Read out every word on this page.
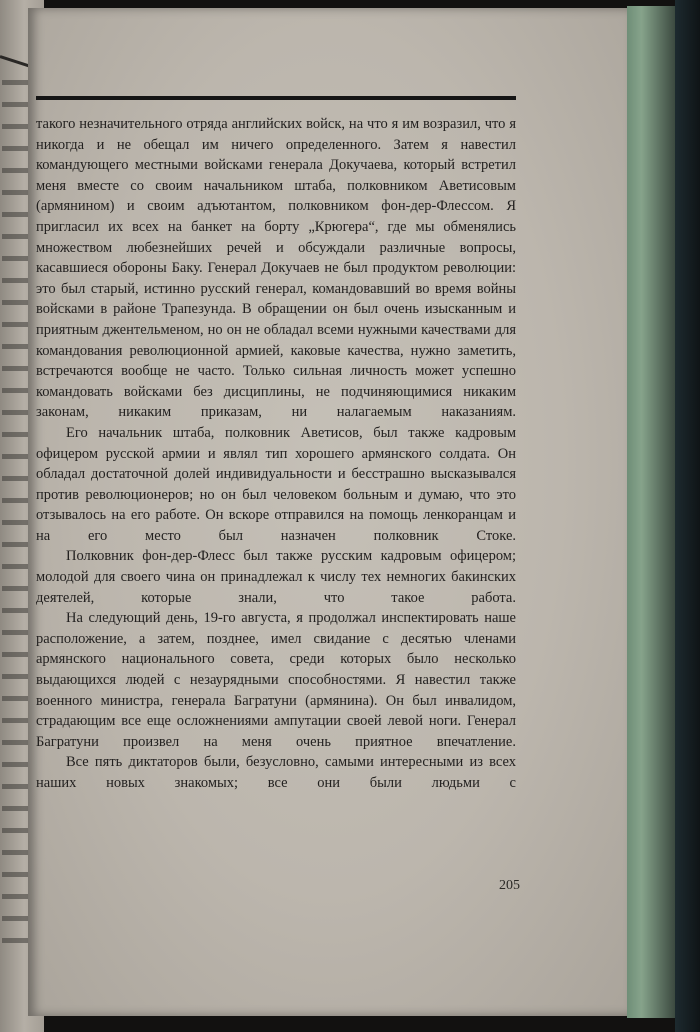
такого незначительного отряда английских войск, на что я им возразил, что я никогда и не обещал им ничего определенного. Затем я навестил командующего местными войсками генерала Докучаева, который встретил меня вместе со своим начальником штаба, полковником Аветисовым (армянином) и своим адъютантом, полковником фон-дер-Флессом. Я пригласил их всех на банкет на борту „Крюгера“, где мы обменялись множеством любезнейших речей и обсуждали различные вопросы, касавшиеся обороны Баку. Генерал Докучаев не был продуктом революции: это был старый, истинно русский генерал, командовавший во время войны войсками в районе Трапезунда. В обращении он был очень изысканным и приятным джентельменом, но он не обладал всеми нужными качествами для командования революционной армией, каковые качества, нужно заметить, встречаются вообще не часто. Только сильная личность может успешно командовать войсками без дисциплины, не подчиняющимися никаким законам, никаким приказам, ни налагаемым наказаниям.

Его начальник штаба, полковник Аветисов, был также кадровым офицером русской армии и являл тип хорошего армянского солдата. Он обладал достаточной долей индивидуальности и бесстрашно высказывался против революционеров; но он был человеком больным и думаю, что это отзывалось на его работе. Он вскоре отправился на помощь ленкоранцам и на его место был назначен полковник Стоке.

Полковник фон-дер-Флесс был также русским кадровым офицером; молодой для своего чина он принадлежал к числу тех немногих бакинских деятелей, которые знали, что такое работа.

На следующий день, 19-го августа, я продолжал инспектировать наше расположение, а затем, позднее, имел свидание с десятью членами армянского национального совета, среди которых было несколько выдающихся людей с незаурядными способностями. Я навестил также военного министра, генерала Багратуни (армянина). Он был инвалидом, страдающим все еще осложнениями ампутации своей левой ноги. Генерал Багратуни произвел на меня очень приятное впечатление.

Все пять диктаторов были, безусловно, самыми интересными из всех наших новых знакомых; все они были людьми с

205
